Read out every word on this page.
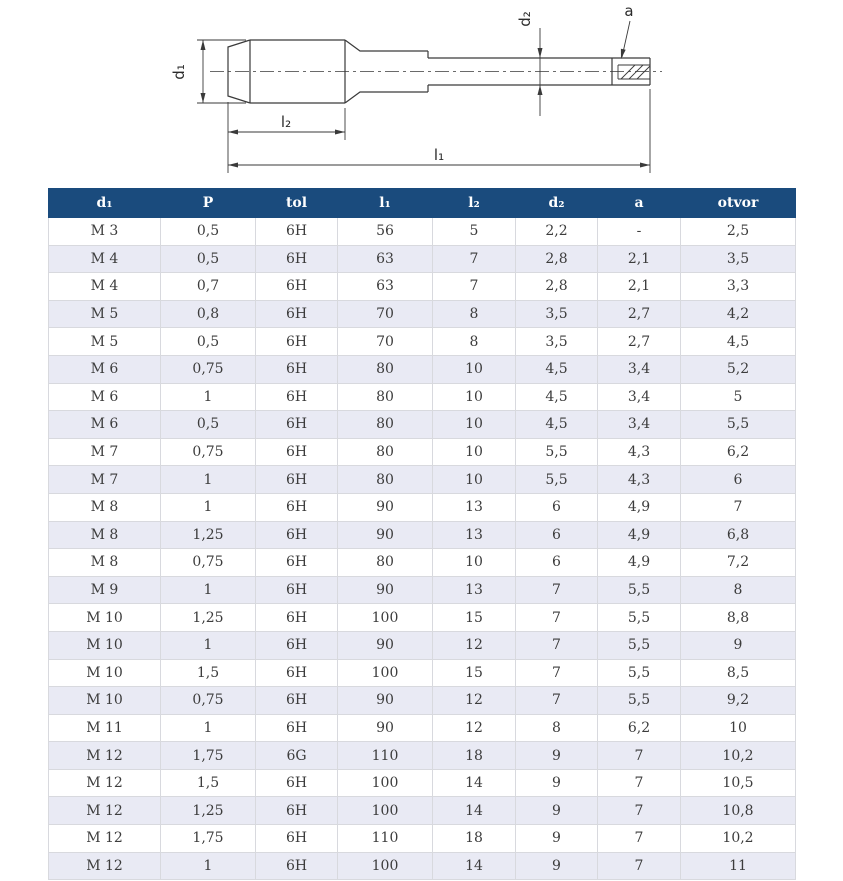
d₁
l₂
l₁
d₂	a
d₁	P	tol	l₁	l₂	d₂	a	otvor
M 3	0,5	6H	56	5	2,2	-	2,5
M 4	0,5	6H	63	7	2,8	2,1	3,5
M 4	0,7	6H	63	7	2,8	2,1	3,3
M 5	0,8	6H	70	8	3,5	2,7	4,2
M 5	0,5	6H	70	8	3,5	2,7	4,5
M 6	0,75	6H	80	10	4,5	3,4	5,2
M 6	1	6H	80	10	4,5	3,4	5
M 6	0,5	6H	80	10	4,5	3,4	5,5
M 7	0,75	6H	80	10	5,5	4,3	6,2
M 7	1	6H	80	10	5,5	4,3	6
M 8	1	6H	90	13	6	4,9	7
M 8	1,25	6H	90	13	6	4,9	6,8
M 8	0,75	6H	80	10	6	4,9	7,2
M 9	1	6H	90	13	7	5,5	8
M 10	1,25	6H	100	15	7	5,5	8,8
M 10	1	6H	90	12	7	5,5	9
M 10	1,5	6H	100	15	7	5,5	8,5
M 10	0,75	6H	90	12	7	5,5	9,2
M 11	1	6H	90	12	8	6,2	10
M 12	1,75	6G	110	18	9	7	10,2
M 12	1,5	6H	100	14	9	7	10,5
M 12	1,25	6H	100	14	9	7	10,8
M 12	1,75	6H	110	18	9	7	10,2
M 12	1	6H	100	14	9	7	11
